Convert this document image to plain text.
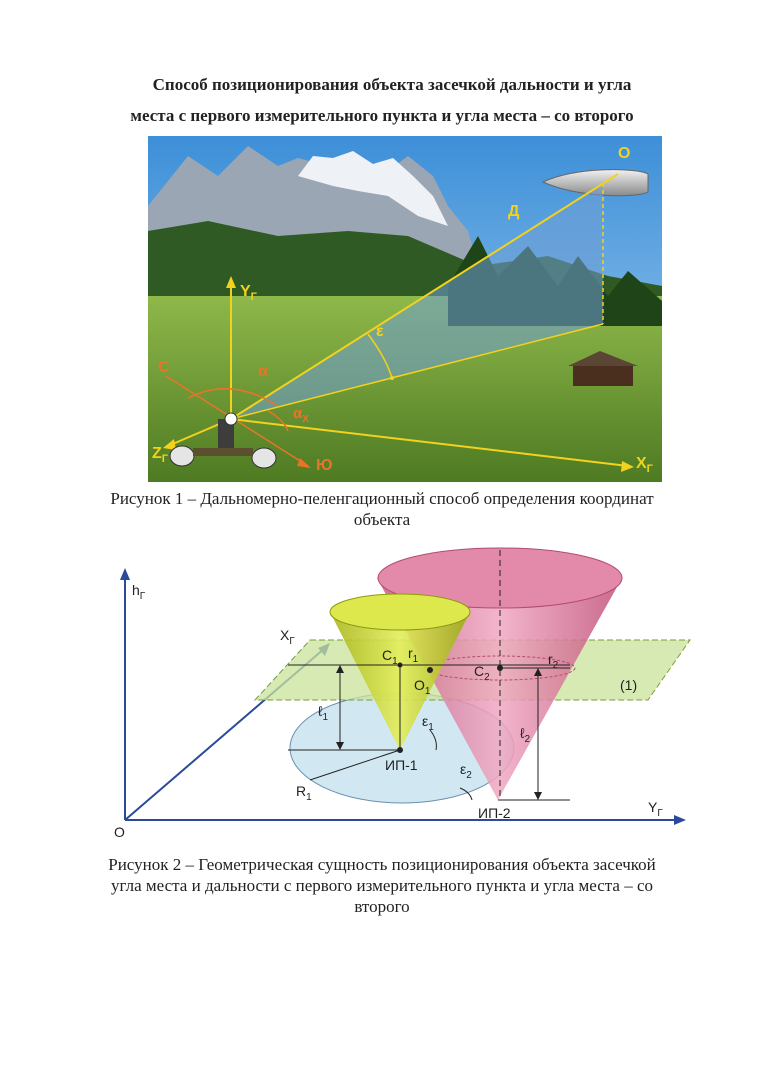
Способ позиционирования объекта засечкой дальности и угла
места с первого измерительного пункта и угла места – со второго
О
Д
ε
$Y_Г$
$X_Г$
$Z_Г$
С
Ю
α
$\alpha_X$
Рисунок 1 – Дальномерно-пеленгационный способ определения координат
объекта
$h_Г$
$X_Г$
$Y_Г$
O
$C_1$
$r_1$
$O_1$
$C_2$
$r_2$
(1)
ℓ$_1$
ℓ$_2$
$\varepsilon_1$
$\varepsilon_2$
ИП-1
ИП-2
$R_1$
Рисунок 2 – Геометрическая сущность позиционирования объекта засечкой
угла места и дальности с первого измерительного пункта и угла места – со
второго
